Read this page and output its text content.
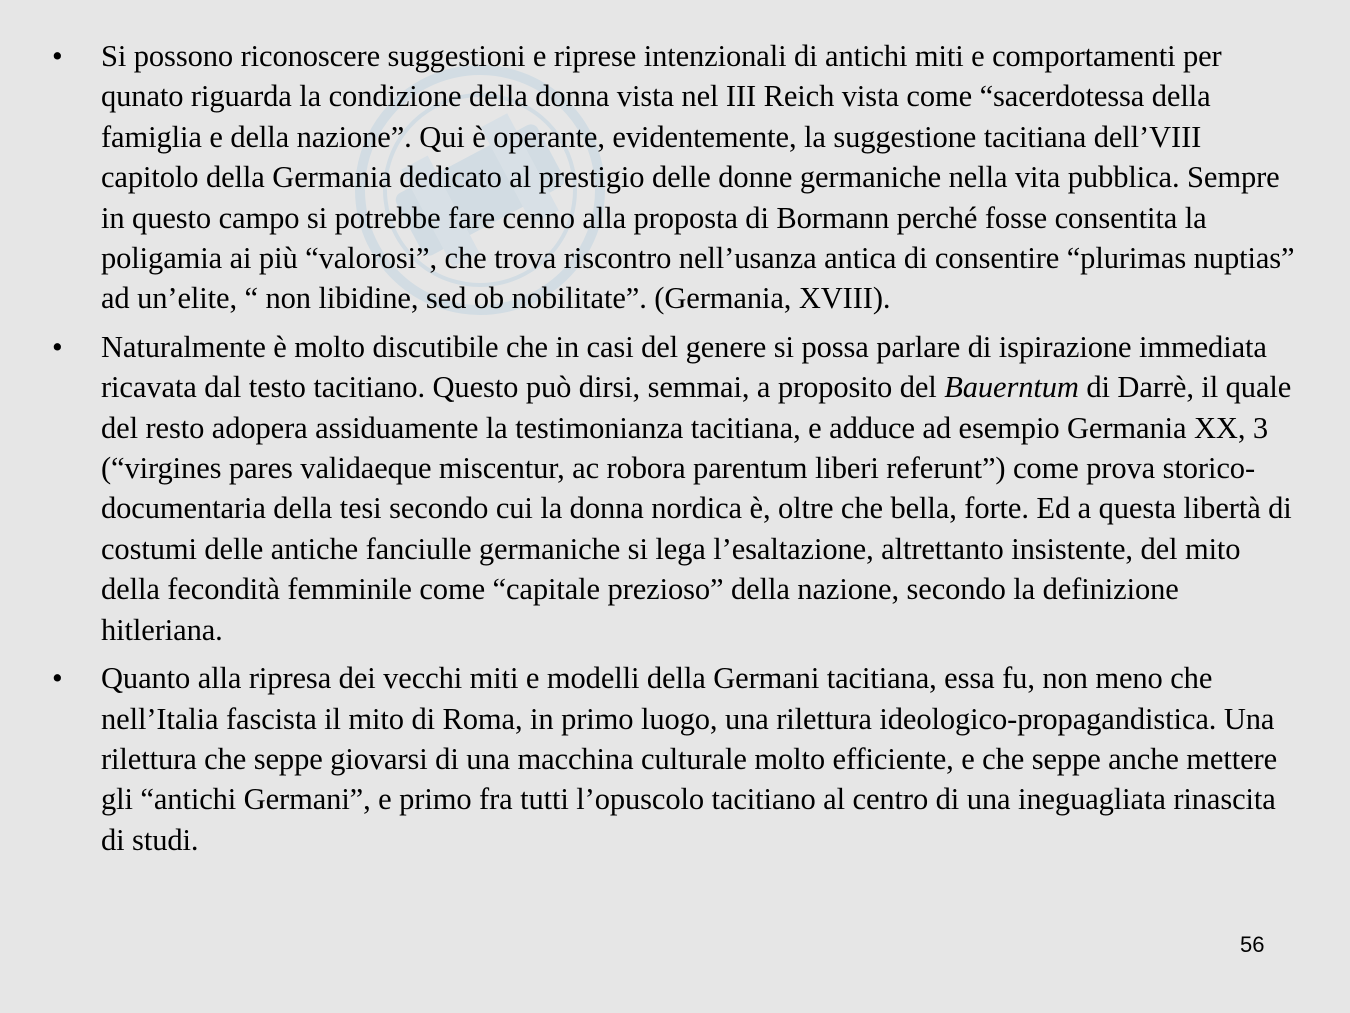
•	Si possono riconoscere suggestioni e riprese intenzionali di antichi miti e comportamenti per qunato riguarda la condizione della donna vista nel III Reich vista come “sacerdotessa della famiglia e della nazione”. Qui è operante, evidentemente, la suggestione tacitiana dell’VIII capitolo della Germania dedicato al prestigio delle donne germaniche nella vita pubblica. Sempre in questo campo si potrebbe fare cenno alla proposta di Bormann perché fosse consentita la poligamia ai più “valorosi”, che trova riscontro nell’usanza antica di consentire “plurimas nuptias” ad un’elite, “ non libidine, sed ob nobilitate”. (Germania, XVIII).
•	Naturalmente è molto discutibile che in casi del genere si possa parlare di ispirazione immediata ricavata dal testo tacitiano. Questo può dirsi, semmai, a proposito del Bauerntum di Darrè, il quale del resto adopera assiduamente la testimonianza tacitiana, e adduce ad esempio Germania XX, 3 (“virgines pares validaeque miscentur, ac robora parentum liberi referunt”) come prova storico-documentaria della tesi secondo cui la donna nordica è, oltre che bella, forte. Ed a questa libertà di costumi delle antiche fanciulle germaniche si lega l’esaltazione, altrettanto insistente, del mito della fecondità femminile come “capitale prezioso” della nazione, secondo la definizione hitleriana.
•	Quanto alla ripresa dei vecchi miti e modelli della Germani tacitiana, essa fu, non meno che nell’Italia fascista il mito di Roma, in primo luogo, una rilettura ideologico-propagandistica. Una rilettura che seppe giovarsi di una macchina culturale molto efficiente, e che seppe anche mettere gli “antichi Germani”, e primo fra tutti l’opuscolo tacitiano al centro di una ineguagliata rinascita di studi.
56
